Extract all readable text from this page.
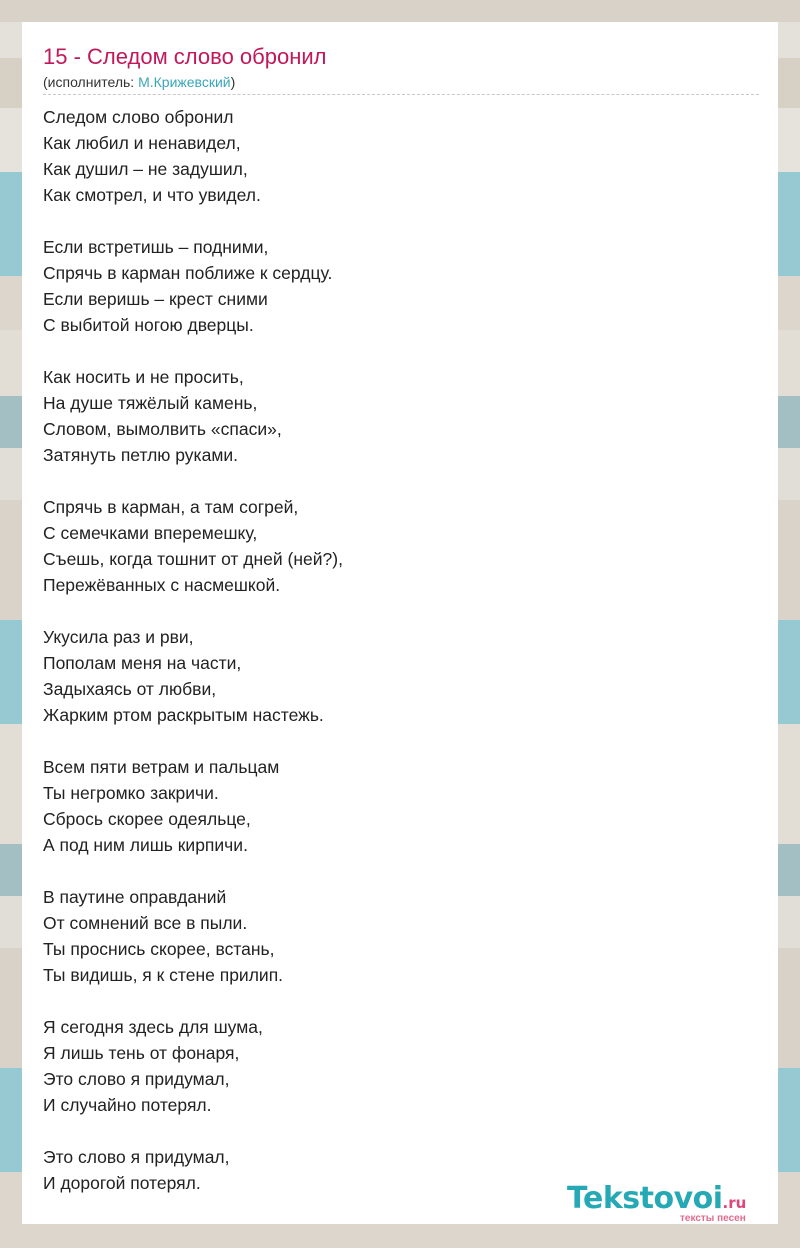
15 - Следом слово обронил
(исполнитель: М.Крижевский)
Следом слово обронил
Как любил и ненавидел,
Как душил – не задушил,
Как смотрел, и что увидел.
Если встретишь – подними,
Спрячь в карман поближе к сердцу.
Если веришь – крест сними
С выбитой ногою дверцы.
Как носить и не просить,
На душе тяжёлый камень,
Словом, вымолвить «спаси»,
Затянуть петлю руками.
Спрячь в карман, а там согрей,
С семечками вперемешку,
Съешь, когда тошнит от дней (ней?),
Пережёванных с насмешкой.
Укусила раз и рви,
Пополам меня на части,
Задыхаясь от любви,
Жарким ртом раскрытым настежь.
Всем пяти ветрам и пальцам
Ты негромко закричи.
Сбрось скорее одеяльце,
А под ним лишь кирпичи.
В паутине оправданий
От сомнений все в пыли.
Ты проснись скорее, встань,
Ты видишь, я к стене прилип.
Я сегодня здесь для шума,
Я лишь тень от фонаря,
Это слово я придумал,
И случайно потерял.
Это слово я придумал,
И дорогой потерял.	Tekstovoi.ru
тексты песен
